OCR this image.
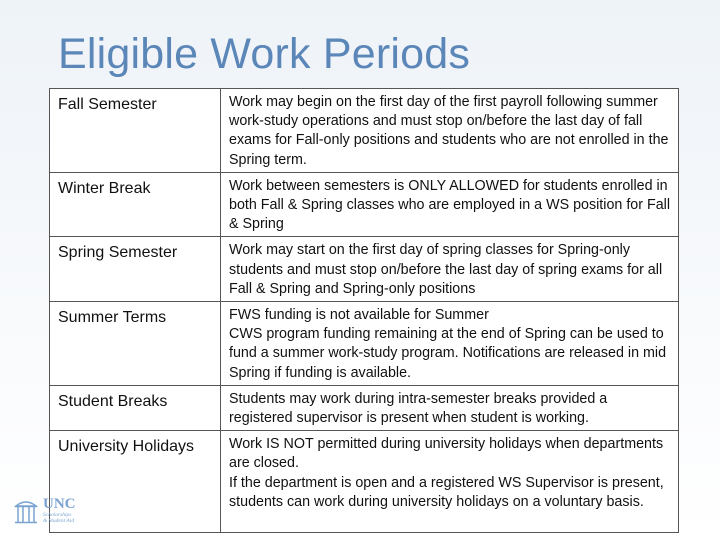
Eligible Work Periods
Fall Semester	Work may begin on the first day of the first payroll following summer work-study operations and must stop on/before the last day of fall exams for Fall-only positions and students who are not enrolled in the Spring term.

Winter Break	Work between semesters is ONLY ALLOWED for students enrolled in both Fall & Spring classes who are employed in a WS position for Fall & Spring

Spring Semester	Work may start on the first day of spring classes for Spring-only students and must stop on/before the last day of spring exams for all Fall & Spring and Spring-only positions

Summer Terms	FWS funding is not available for Summer
CWS program funding remaining at the end of Spring can be used to fund a summer work-study program. Notifications are released in mid Spring if funding is available.

Student Breaks	Students may work during intra-semester breaks provided a registered supervisor is present when student is working.

University Holidays	Work IS NOT permitted during university holidays when departments are closed.
If the department is open and a registered WS Supervisor is present, students can work during university holidays on a voluntary basis.
UNC
Scholarships
& Student Aid
